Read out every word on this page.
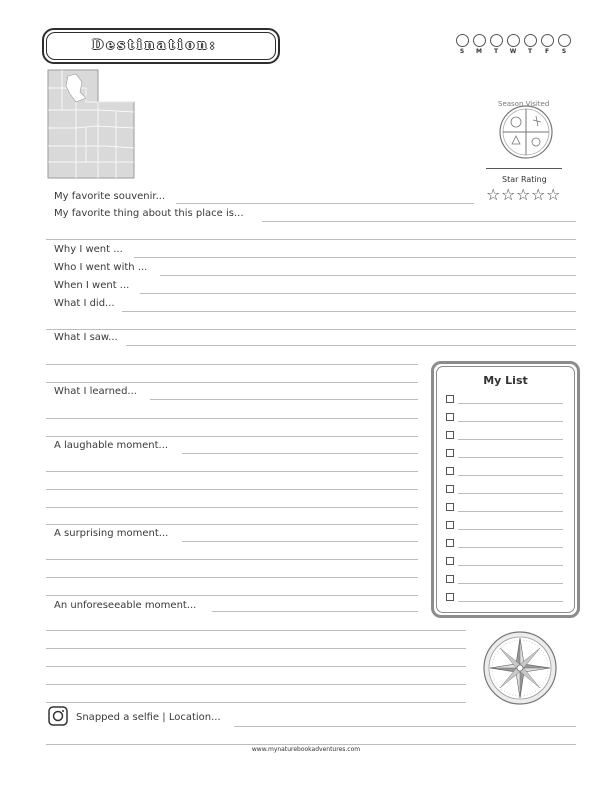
Destination:	S	M	T	W	T	F	S
Season Visited
Star Rating
☆ ☆ ☆ ☆ ☆
My favorite souvenir...
My favorite thing about this place is...
Why I went ...
Who I went with ...
When I went ...
What I did...
What I saw...
What I learned...
A laughable moment...
A surprising moment...
An unforeseeable moment...
My List
Snapped a selfie | Location...
www.mynaturebookadventures.com
